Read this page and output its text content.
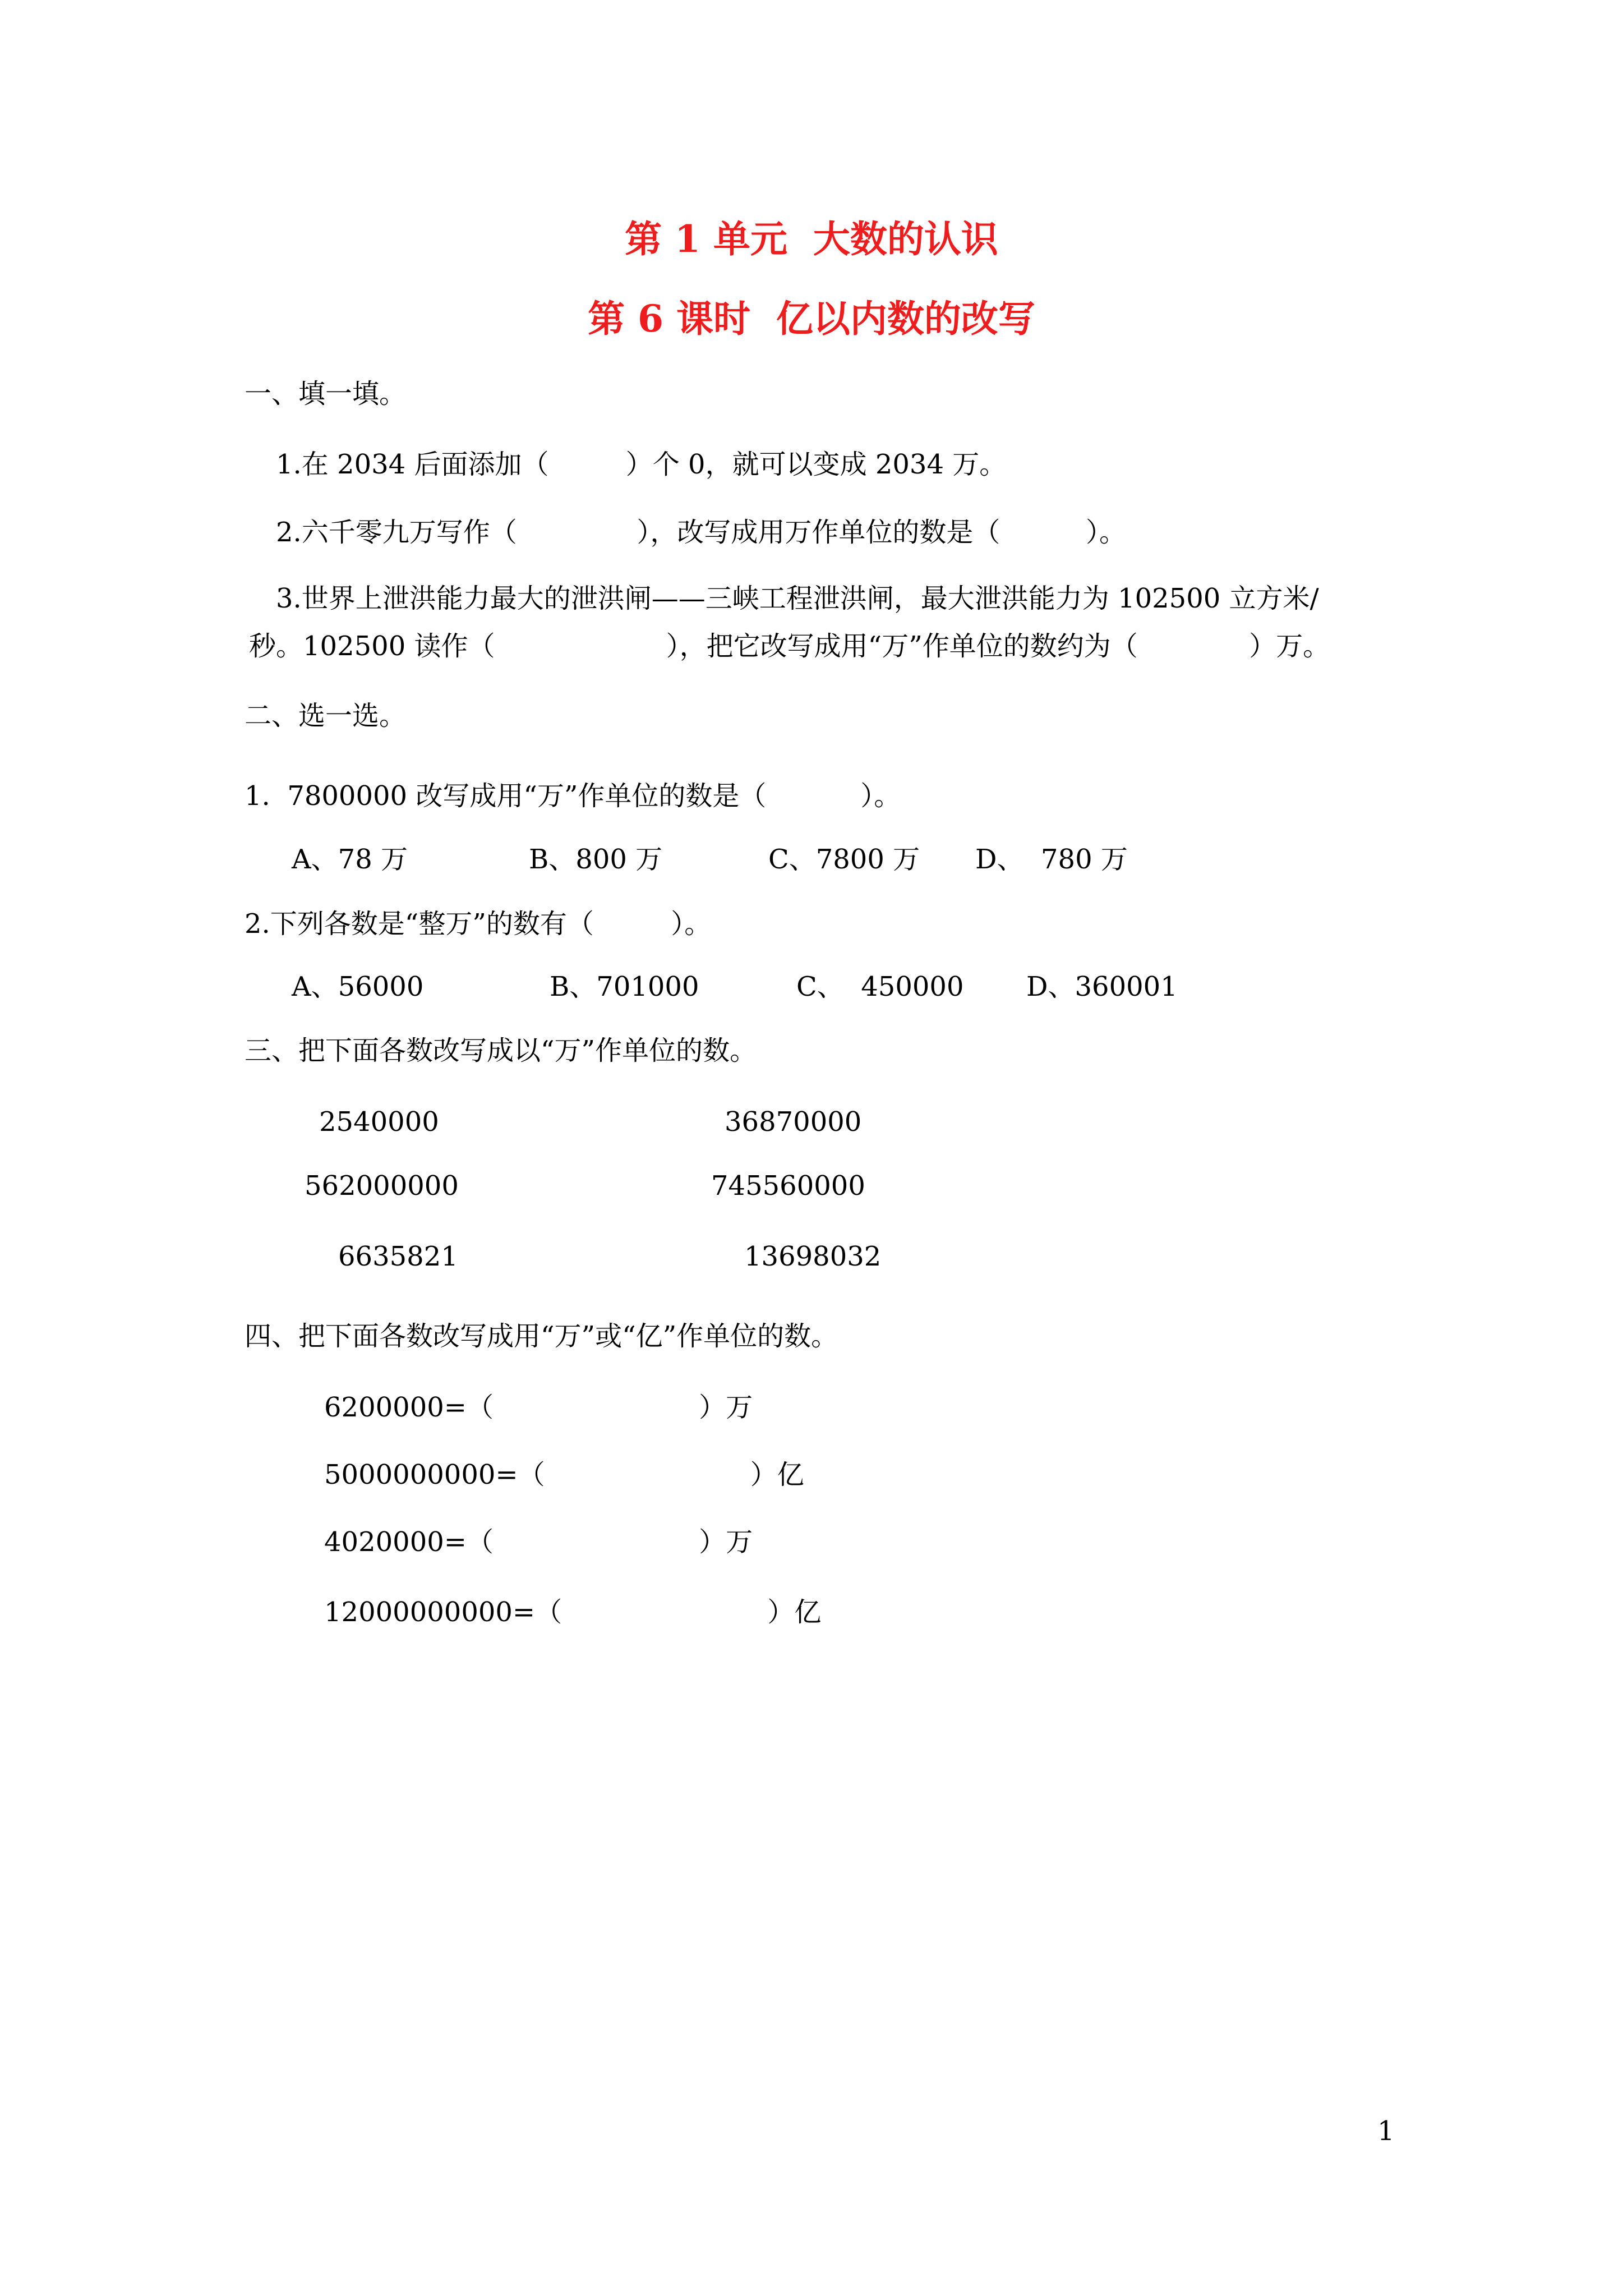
第 1 单元  大数的认识
第 6 课时  亿以内数的改写
一、填一填。
1.在 2034 后面添加（         ）个 0，就可以变成 2034 万。
2.六千零九万写作（              ），改写成用万作单位的数是（          ）。
3.世界上泄洪能力最大的泄洪闸——三峡工程泄洪闸，最大泄洪能力为 102500 立方米/
秒。102500 读作（                    ），把它改写成用“万”作单位的数约为（             ）万。
二、选一选。
1.  7800000 改写成用“万”作单位的数是（           ）。
A、78 万	B、800 万	C、7800 万 D、  780 万
2.下列各数是“整万”的数有（         ）。
A、56000	B、701000	C、  450000 D、360001
三、把下面各数改写成以“万”作单位的数。
2540000	36870000
562000000	745560000
6635821	13698032
四、把下面各数改写成用“万”或“亿”作单位的数。
6200000=（                        ）万
5000000000=（                        ）亿
4020000=（                        ）万
12000000000=（                        ）亿
1
